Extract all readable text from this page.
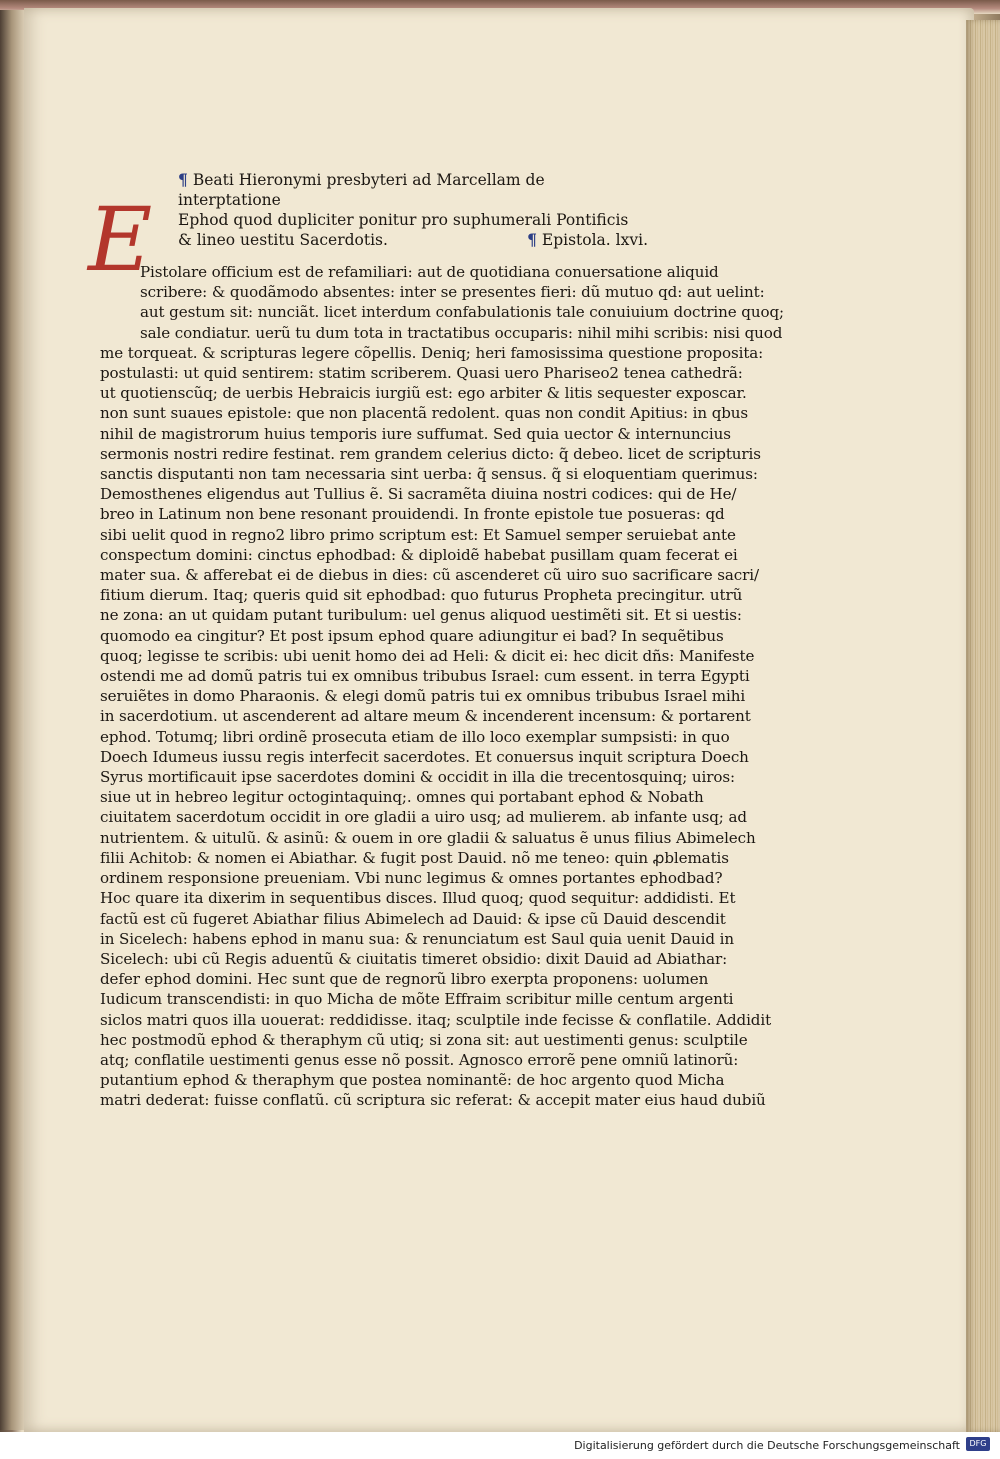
¶ Beati Hieronymi presbyteri ad Marcellam de interptatione
Ephod quod dupliciter ponitur pro suphumerali Pontificis
& lineo uestitu Sacerdotis.	¶ Epistola. lxvi.
E
Pistolare officium est de refamiliari: aut de quotidiana conuersatione aliquid
scribere: & quodãmodo absentes: inter se presentes fieri: dũ mutuo qd: aut uelint:
aut gestum sit: nunciãt. licet interdum confabulationis tale conuiuium doctrine quoq;
sale condiatur. uerũ tu dum tota in tractatibus occuparis: nihil mihi scribis: nisi quod
me torqueat. & scripturas legere cõpellis. Deniq; heri famosissima questione proposita:
postulasti: ut quid sentirem: statim scriberem. Quasi uero Phariseo2 tenea cathedrã:
ut quotienscũq; de uerbis Hebraicis iurgiũ est: ego arbiter & litis sequester exposcar.
non sunt suaues epistole: que non placentã redolent. quas non condit Apitius: in qbus
nihil de magistrorum huius temporis iure suffumat. Sed quia uector & internuncius
sermonis nostri redire festinat. rem grandem celerius dicto: q̃ debeo. licet de scripturis
sanctis disputanti non tam necessaria sint uerba: q̃ sensus. q̃ si eloquentiam querimus:
Demosthenes eligendus aut Tullius ẽ. Si sacramẽta diuina nostri codices: qui de He/
breo in Latinum non bene resonant prouidendi. In fronte epistole tue posueras: qd
sibi uelit quod in regno2 libro primo scriptum est: Et Samuel semper seruiebat ante
conspectum domini: cinctus ephodbad: & diploidẽ habebat pusillam quam fecerat ei
mater sua. & afferebat ei de diebus in dies: cũ ascenderet cũ uiro suo sacrificare sacri/
fitium dierum. Itaq; queris quid sit ephodbad: quo futurus Propheta precingitur. utrũ
ne zona: an ut quidam putant turibulum: uel genus aliquod uestimẽti sit. Et si uestis:
quomodo ea cingitur? Et post ipsum ephod quare adiungitur ei bad? In sequẽtibus
quoq; legisse te scribis: ubi uenit homo dei ad Heli: & dicit ei: hec dicit dñs: Manifeste
ostendi me ad domũ patris tui ex omnibus tribubus Israel: cum essent. in terra Egypti
seruiẽtes in domo Pharaonis. & elegi domũ patris tui ex omnibus tribubus Israel mihi
in sacerdotium. ut ascenderent ad altare meum & incenderent incensum: & portarent
ephod. Totumq; libri ordinẽ prosecuta etiam de illo loco exemplar sumpsisti: in quo
Doech Idumeus iussu regis interfecit sacerdotes. Et conuersus inquit scriptura Doech
Syrus mortificauit ipse sacerdotes domini & occidit in illa die trecentosquinq; uiros:
siue ut in hebreo legitur octogintaquinq;. omnes qui portabant ephod & Nobath
ciuitatem sacerdotum occidit in ore gladii a uiro usq; ad mulierem. ab infante usq; ad
nutrientem. & uitulũ. & asinũ: & ouem in ore gladii & saluatus ẽ unus filius Abimelech
filii Achitob: & nomen ei Abiathar. & fugit post Dauid. nõ me teneo: quin ꝓblematis
ordinem responsione preueniam. Vbi nunc legimus & omnes portantes ephodbad?
Hoc quare ita dixerim in sequentibus disces. Illud quoq; quod sequitur: addidisti. Et
factũ est cũ fugeret Abiathar filius Abimelech ad Dauid: & ipse cũ Dauid descendit
in Sicelech: habens ephod in manu sua: & renunciatum est Saul quia uenit Dauid in
Sicelech: ubi cũ Regis aduentũ & ciuitatis timeret obsidio: dixit Dauid ad Abiathar:
defer ephod domini. Hec sunt que de regnorũ libro exerpta proponens: uolumen
Iudicum transcendisti: in quo Micha de mõte Effraim scribitur mille centum argenti
siclos matri quos illa uouerat: reddidisse. itaq; sculptile inde fecisse & conflatile. Addidit
hec postmodũ ephod & theraphym cũ utiq; si zona sit: aut uestimenti genus: sculptile
atq; conflatile uestimenti genus esse nõ possit. Agnosco errorẽ pene omniũ latinorũ:
putantium ephod & theraphym que postea nominantẽ: de hoc argento quod Micha
matri dederat: fuisse conflatũ. cũ scriptura sic referat: & accepit mater eius haud dubiũ
Digitalisierung gefördert durch die Deutsche Forschungsgemeinschaft	DFG
